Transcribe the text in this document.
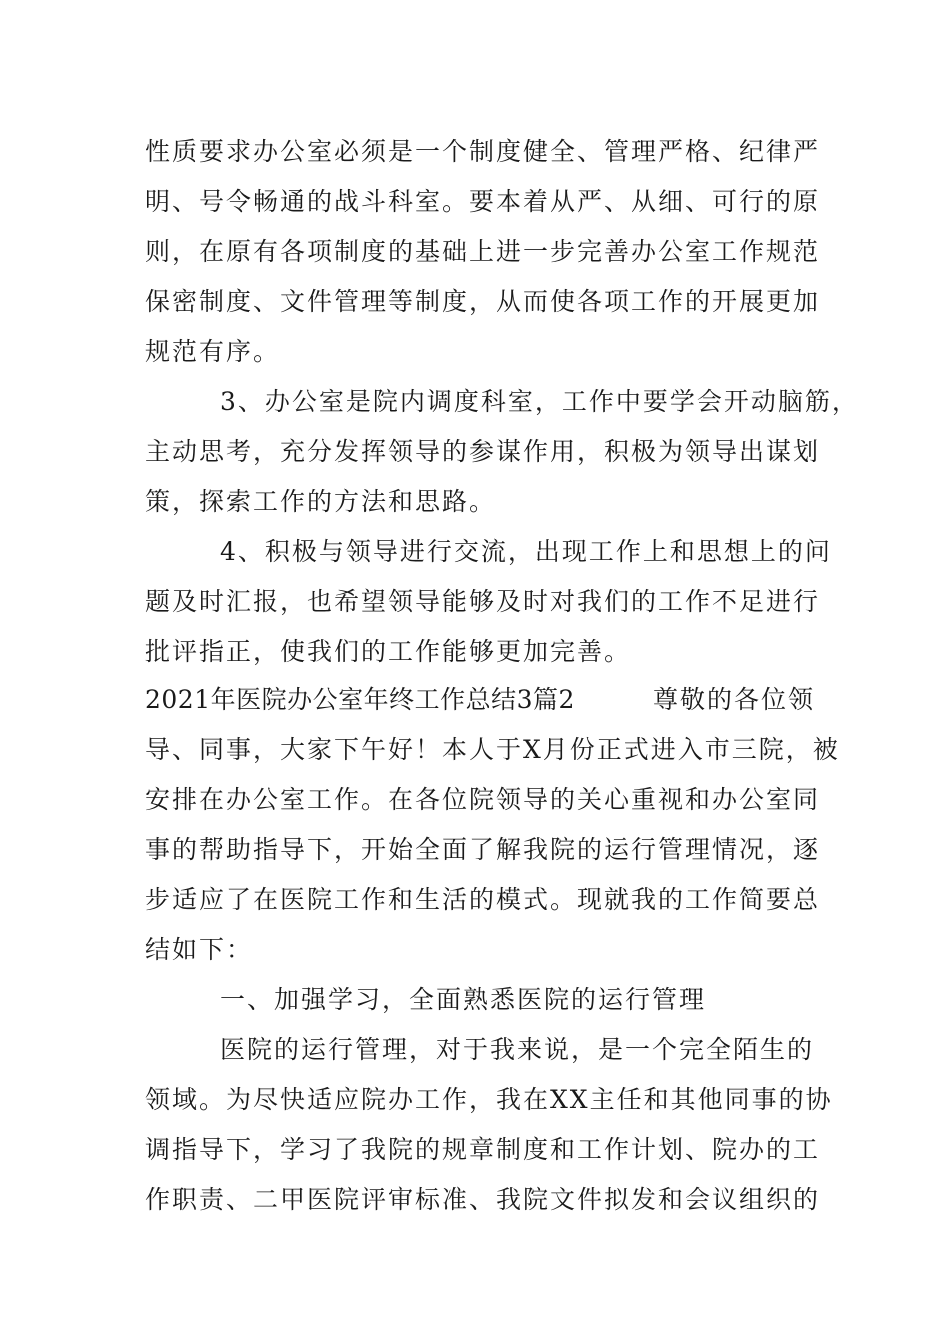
性质要求办公室必须是一个制度健全、管理严格、纪律严
明、号令畅通的战斗科室。要本着从严、从细、可行的原
则，在原有各项制度的基础上进一步完善办公室工作规范
保密制度、文件管理等制度，从而使各项工作的开展更加
规范有序。
3、办公室是院内调度科室，工作中要学会开动脑筋，
主动思考，充分发挥领导的参谋作用，积极为领导出谋划
策，探索工作的方法和思路。
4、积极与领导进行交流，出现工作上和思想上的问
题及时汇报，也希望领导能够及时对我们的工作不足进行
批评指正，使我们的工作能够更加完善。
2021年医院办公室年终工作总结3篇2	尊敬的各位领
导、同事，大家下午好！本人于X月份正式进入市三院，被
安排在办公室工作。在各位院领导的关心重视和办公室同
事的帮助指导下，开始全面了解我院的运行管理情况，逐
步适应了在医院工作和生活的模式。现就我的工作简要总
结如下：
一、加强学习，全面熟悉医院的运行管理
医院的运行管理，对于我来说，是一个完全陌生的
领域。为尽快适应院办工作，我在XX主任和其他同事的协
调指导下，学习了我院的规章制度和工作计划、院办的工
作职责、二甲医院评审标准、我院文件拟发和会议组织的
